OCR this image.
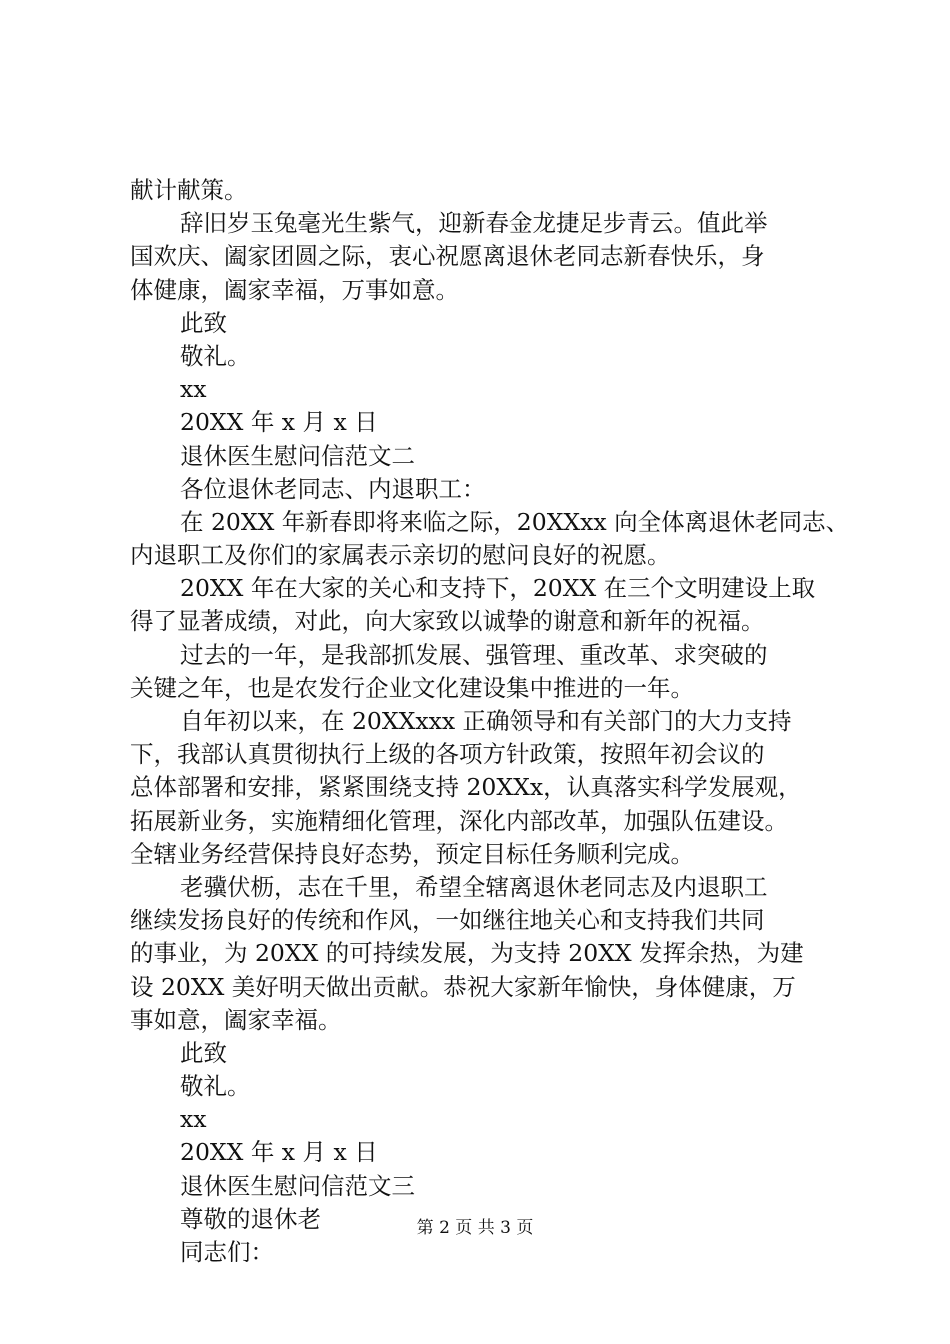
献计献策。
辞旧岁玉兔毫光生紫气，迎新春金龙捷足步青云。值此举
国欢庆、阖家团圆之际，衷心祝愿离退休老同志新春快乐，身
体健康，阖家幸福，万事如意。
此致
敬礼。
xx
20XX 年 x 月 x 日
退休医生慰问信范文二
各位退休老同志、内退职工：
在 20XX 年新春即将来临之际，20XXxx 向全体离退休老同志、
内退职工及你们的家属表示亲切的慰问良好的祝愿。
20XX 年在大家的关心和支持下，20XX 在三个文明建设上取
得了显著成绩，对此，向大家致以诚挚的谢意和新年的祝福。
过去的一年，是我部抓发展、强管理、重改革、求突破的
关键之年，也是农发行企业文化建设集中推进的一年。
自年初以来，在 20XXxxx 正确领导和有关部门的大力支持
下，我部认真贯彻执行上级的各项方针政策，按照年初会议的
总体部署和安排，紧紧围绕支持 20XXx，认真落实科学发展观，
拓展新业务，实施精细化管理，深化内部改革，加强队伍建设。
全辖业务经营保持良好态势，预定目标任务顺利完成。
老骥伏枥，志在千里，希望全辖离退休老同志及内退职工
继续发扬良好的传统和作风，一如继往地关心和支持我们共同
的事业，为 20XX 的可持续发展，为支持 20XX 发挥余热，为建
设 20XX 美好明天做出贡献。恭祝大家新年愉快，身体健康，万
事如意，阖家幸福。
此致
敬礼。
xx
20XX 年 x 月 x 日
退休医生慰问信范文三
尊敬的退休老
同志们：
第 2 页 共 3 页
